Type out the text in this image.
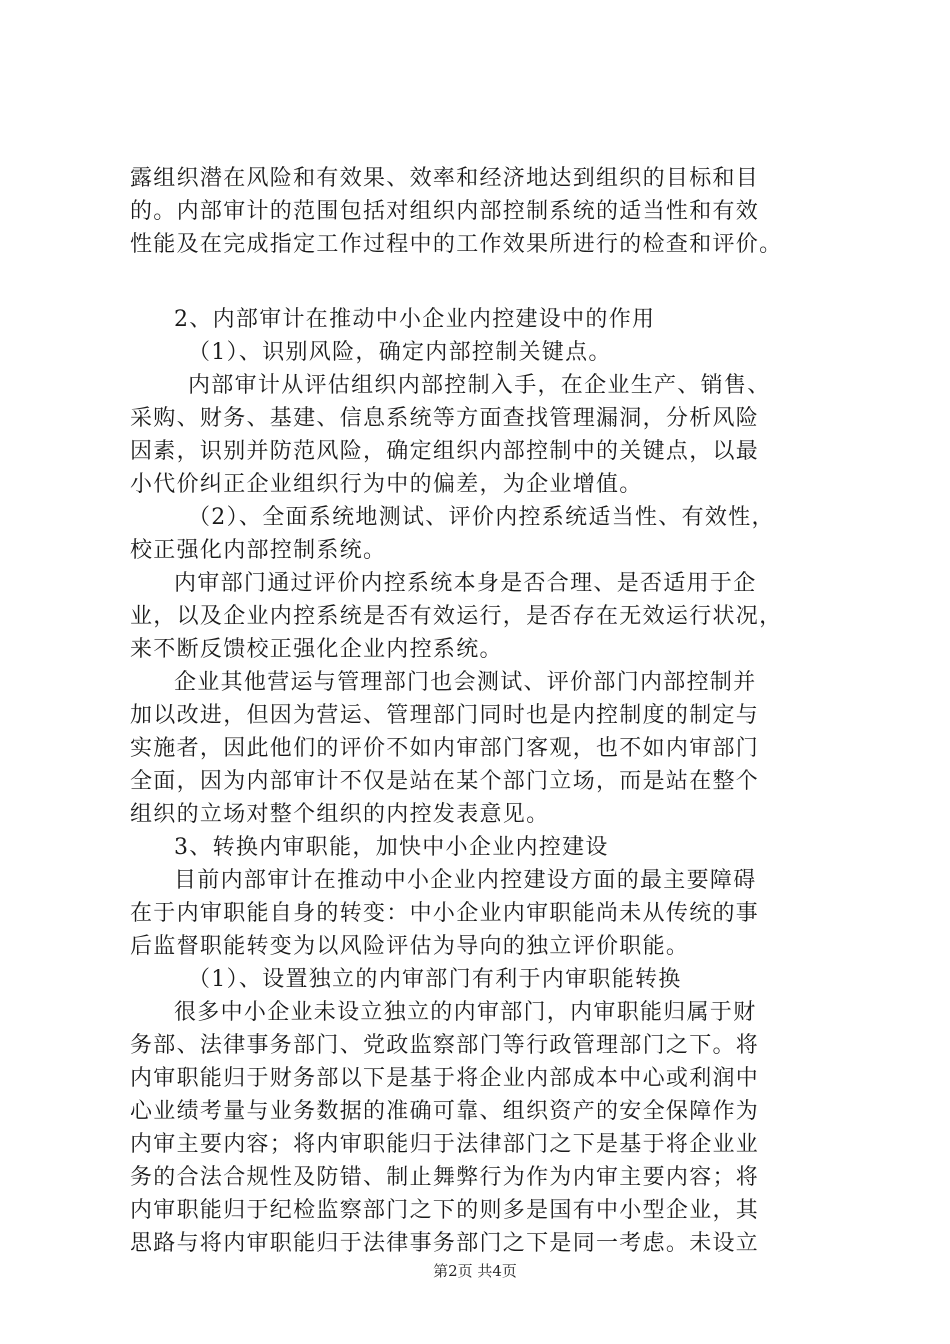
露组织潜在风险和有效果、效率和经济地达到组织的目标和目
的。内部审计的范围包括对组织内部控制系统的适当性和有效
性能及在完成指定工作过程中的工作效果所进行的检查和评价。
2、内部审计在推动中小企业内控建设中的作用
（1）、识别风险，确定内部控制关键点。
内部审计从评估组织内部控制入手，在企业生产、销售、
采购、财务、基建、信息系统等方面查找管理漏洞，分析风险
因素，识别并防范风险，确定组织内部控制中的关键点，以最
小代价纠正企业组织行为中的偏差，为企业增值。
（2）、全面系统地测试、评价内控系统适当性、有效性，
校正强化内部控制系统。
内审部门通过评价内控系统本身是否合理、是否适用于企
业，以及企业内控系统是否有效运行，是否存在无效运行状况，
来不断反馈校正强化企业内控系统。
企业其他营运与管理部门也会测试、评价部门内部控制并
加以改进，但因为营运、管理部门同时也是内控制度的制定与
实施者，因此他们的评价不如内审部门客观，也不如内审部门
全面，因为内部审计不仅是站在某个部门立场，而是站在整个
组织的立场对整个组织的内控发表意见。
3、转换内审职能，加快中小企业内控建设
目前内部审计在推动中小企业内控建设方面的最主要障碍
在于内审职能自身的转变：中小企业内审职能尚未从传统的事
后监督职能转变为以风险评估为导向的独立评价职能。
（1）、设置独立的内审部门有利于内审职能转换
很多中小企业未设立独立的内审部门，内审职能归属于财
务部、法律事务部门、党政监察部门等行政管理部门之下。将
内审职能归于财务部以下是基于将企业内部成本中心或利润中
心业绩考量与业务数据的准确可靠、组织资产的安全保障作为
内审主要内容；将内审职能归于法律部门之下是基于将企业业
务的合法合规性及防错、制止舞弊行为作为内审主要内容；将
内审职能归于纪检监察部门之下的则多是国有中小型企业，其
思路与将内审职能归于法律事务部门之下是同一考虑。未设立
第2页 共4页
